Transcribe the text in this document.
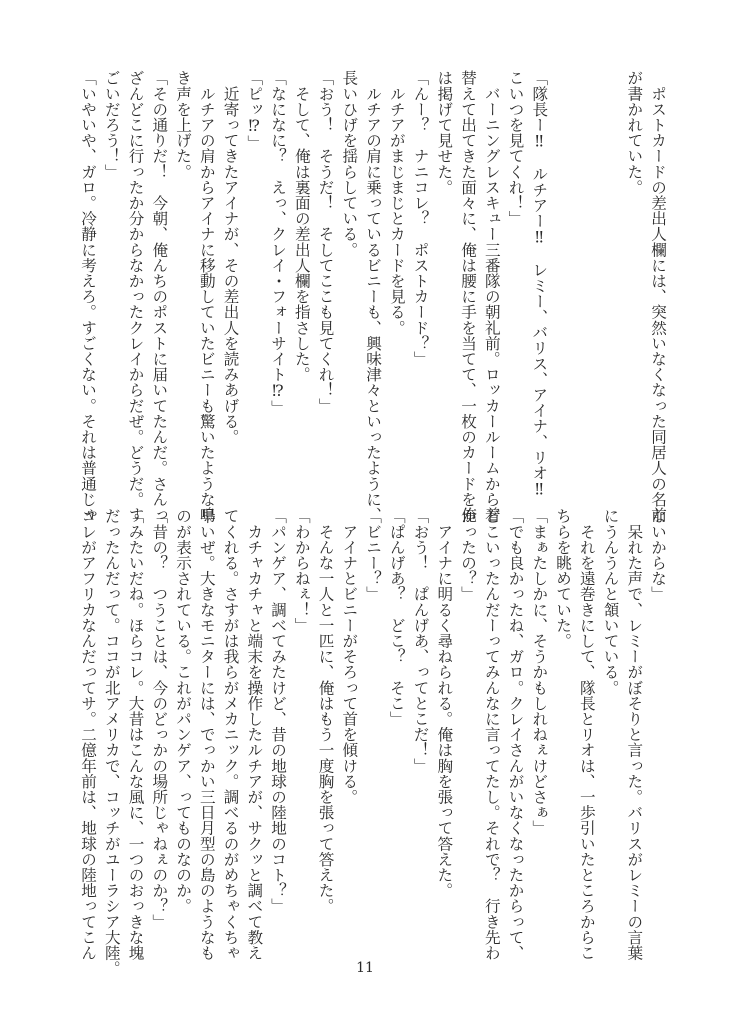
　ポストカードの差出人欄には、突然いなくなった同居人の名前
が書かれていた。
「隊長ー‼　ルチアー‼　レミー、バリス、アイナ、リオ‼
こいつを見てくれ！」
　バーニングレスキュー三番隊の朝礼前。ロッカールームから着
替えて出てきた面々に、俺は腰に手を当てて、一枚のカードを俺
は掲げて見せた。
「んー？　ナニコレ？　ポストカード？」
　ルチアがまじまじとカードを見る。
　ルチアの肩に乗っているビニーも、興味津々といったように、
長いひげを揺らしている。
「おう！　そうだ！　そしてここも見てくれ！」
　そして、俺は裏面の差出人欄を指さした。
「なになに？　えっ、クレイ・フォーサイト⁉」
「ピッ⁉」
　近寄ってきたアイナが、その差出人を読みあげる。
　ルチアの肩からアイナに移動していたビニーも驚いたような鳴
き声を上げた。
「その通りだ！　今朝、俺んちのポストに届いてたんだ。さんっ
ざんどこに行ったか分からなかったクレイからだぜ。どうだ。す
ごいだろう！」
「いやいや、ガロ。冷静に考えろ。すごくない。それは普通じゃ
ないからな」
　呆れた声で、レミーがぼそりと言った。バリスがレミーの言葉
にうんうんと頷いている。
　それを遠巻きにして、隊長とリオは、一歩引いたところからこ
ちらを眺めていた。
「まぁたしかに、そうかもしれねぇけどさぁ」
「でも良かったね、ガロ。クレイさんがいなくなったからって、
どこいったんだーってみんなに言ってたし。それで？　行き先わ
かったの？」
　アイナに明るく尋ねられる。俺は胸を張って答えた。
「おう！　ぱんげあ、ってとこだ！」
「ぱんげあ？　どこ？　そこ」
「ビニー？」
　アイナとビニーがそろって首を傾ける。
　そんな一人と一匹に、俺はもう一度胸を張って答えた。
「わからねぇ！」
「パンゲア、調べてみたけど、昔の地球の陸地のコト？」
　カチャカチャと端末を操作したルチアが、サクッと調べて教え
てくれる。さすがは我らがメカニック。調べるのがめちゃくちゃ
早いぜ。大きなモニターには、でっかい三日月型の島のようなも
のが表示されている。これがパンゲア、ってものなのか。
「昔の？　つうことは、今のどっかの場所じゃねぇのか？」
「みたいだね。ほらコレ。大昔はこんな風に、一つのおっきな塊
だったんだって。ココが北アメリカで、コッチがユーラシア大陸。
コレがアフリカなんだってサ。二億年前は、地球の陸地ってこん
11
